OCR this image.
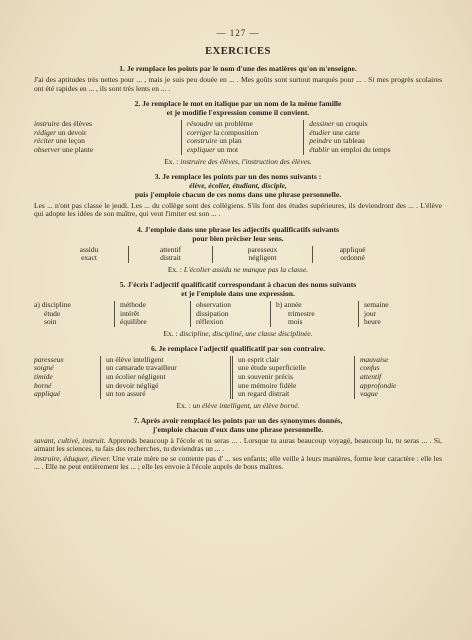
— 127 —
EXERCICES
1. Je remplace les points par le nom d'une des matières qu'on m'enseigne.
J'ai des aptitudes très nettes pour ... , mais je suis peu douée en ... . Mes goûts sont surtout marqués pour ... . Si mes progrès scolaires ont été rapides en ... , ils sont très lents en ... .
2. Je remplace le mot en italique par un nom de la même famille
et je modifie l'expression comme il convient.
instruire des élèves
rédiger un devoir
réciter une leçon
observer une plante
résoudre un problème
corriger la composition
construire un plan
expliquer un mot
dessiner un croquis
étudier une carte
peindre un tableau
établir un emploi du temps
Ex. : instruire des élèves, l'instruction des élèves.
3. Je remplace les points par un des noms suivants :
élève, écolier, étudiant, disciple,
puis j'emploie chacun de ces noms dans une phrase personnelle.
Les ... n'ont pas classe le jeudi. Les ... du collège sont des collégiens. S'ils font des études supérieures, ils deviendront des ... . L'élève qui adopte les idées de son maître, qui veut l'imiter est son ... .
4. J'emploie dans une phrase les adjectifs qualificatifs suivants
pour bien préciser leur sens.
assidu
exact
attentif
distrait
paresseux
négligent
appliqué
ordonné
Ex. : L'écolier assidu ne manque pas la classe.
5. J'écris l'adjectif qualificatif correspondant à chacun des noms suivants
et je l'emploie dans une expression.
a) discipline
étude
soin
méthode
intérêt
équilibre
observation
dissipation
réflexion
b) année
trimestre
mois
semaine
jour
heure
Ex. : discipline, discipliné, une classe disciplinée.
6. Je remplace l'adjectif qualificatif par son contraire.
paresseux
soigné
timide
borné
appliqué
un élève intelligent
un camarade travailleur
un écolier négligent
un devoir négligé
un ton assuré
un esprit clair
une étude superficielle
un souvenir précis
une mémoire fidèle
un regard distrait
mauvaise
confus
attentif
approfondie
vague
Ex. : un élève intelligent, un élève borné.
7. Après avoir remplacé les points par un des synonymes donnés,
j'emploie chacun d'eux dans une phrase personnelle.
savant, cultivé, instruit. Apprends beaucoup à l'école et tu seras ... . Lorsque tu auras beaucoup voyagé, beaucoup lu, tu seras ... . Si, aimant les sciences, tu fais des recherches, tu deviendras un ... .
instruire, éduquer, élever. Une vraie mère ne se contente pas d' ... ses enfants; elle veille à leurs manières, forme leur caractère : elle les ... . Elle ne peut entièrement les ... ; elle les envoie à l'école auprès de bons maîtres.
